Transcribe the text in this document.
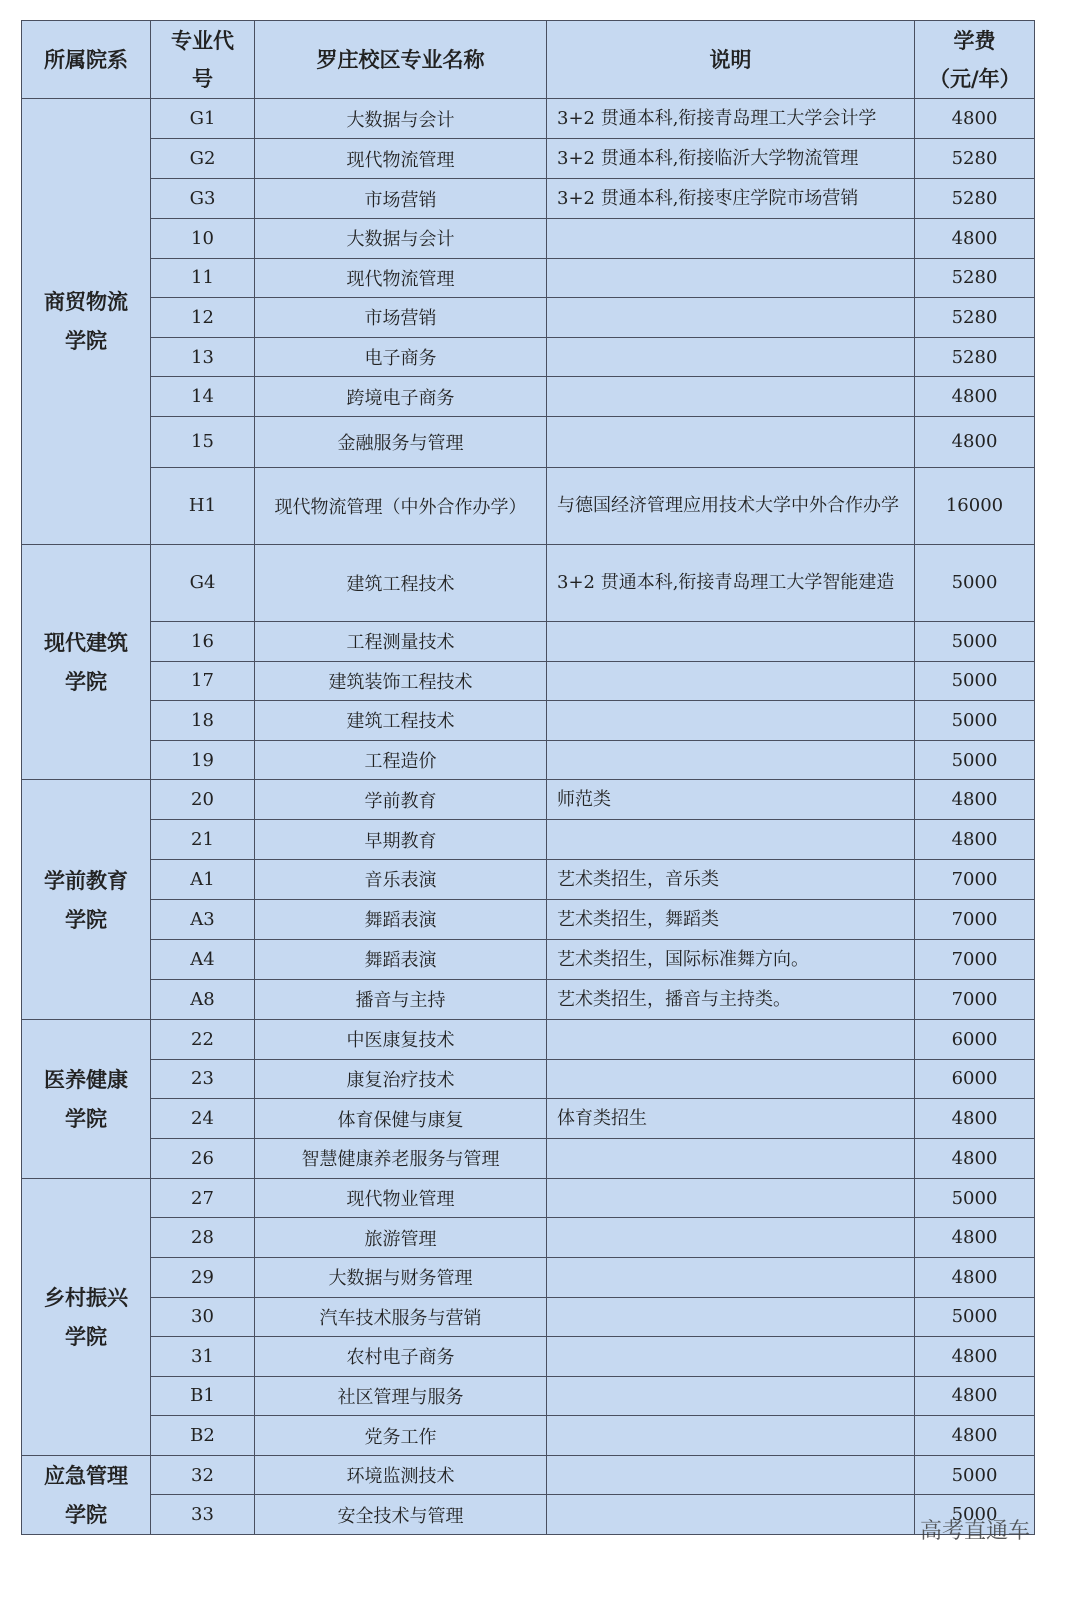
所属院系	专业代号	罗庄校区专业名称	说明	学费（元/年）
商贸物流学院	G1	大数据与会计	3+2 贯通本科,衔接青岛理工大学会计学	4800
	G2	现代物流管理	3+2 贯通本科,衔接临沂大学物流管理	5280
	G3	市场营销	3+2 贯通本科,衔接枣庄学院市场营销	5280
	10	大数据与会计		4800
	11	现代物流管理		5280
	12	市场营销		5280
	13	电子商务		5280
	14	跨境电子商务		4800
	15	金融服务与管理		4800
	H1	现代物流管理（中外合作办学）	与德国经济管理应用技术大学中外合作办学	16000
现代建筑学院	G4	建筑工程技术	3+2 贯通本科,衔接青岛理工大学智能建造	5000
	16	工程测量技术		5000
	17	建筑装饰工程技术		5000
	18	建筑工程技术		5000
	19	工程造价		5000
学前教育学院	20	学前教育	师范类	4800
	21	早期教育		4800
	A1	音乐表演	艺术类招生，音乐类	7000
	A3	舞蹈表演	艺术类招生，舞蹈类	7000
	A4	舞蹈表演	艺术类招生，国际标准舞方向。	7000
	A8	播音与主持	艺术类招生，播音与主持类。	7000
医养健康学院	22	中医康复技术		6000
	23	康复治疗技术		6000
	24	体育保健与康复	体育类招生	4800
	26	智慧健康养老服务与管理		4800
乡村振兴学院	27	现代物业管理		5000
	28	旅游管理		4800
	29	大数据与财务管理		4800
	30	汽车技术服务与营销		5000
	31	农村电子商务		4800
	B1	社区管理与服务		4800
	B2	党务工作		4800
应急管理学院	32	环境监测技术		5000
	33	安全技术与管理		5000
高考直通车
